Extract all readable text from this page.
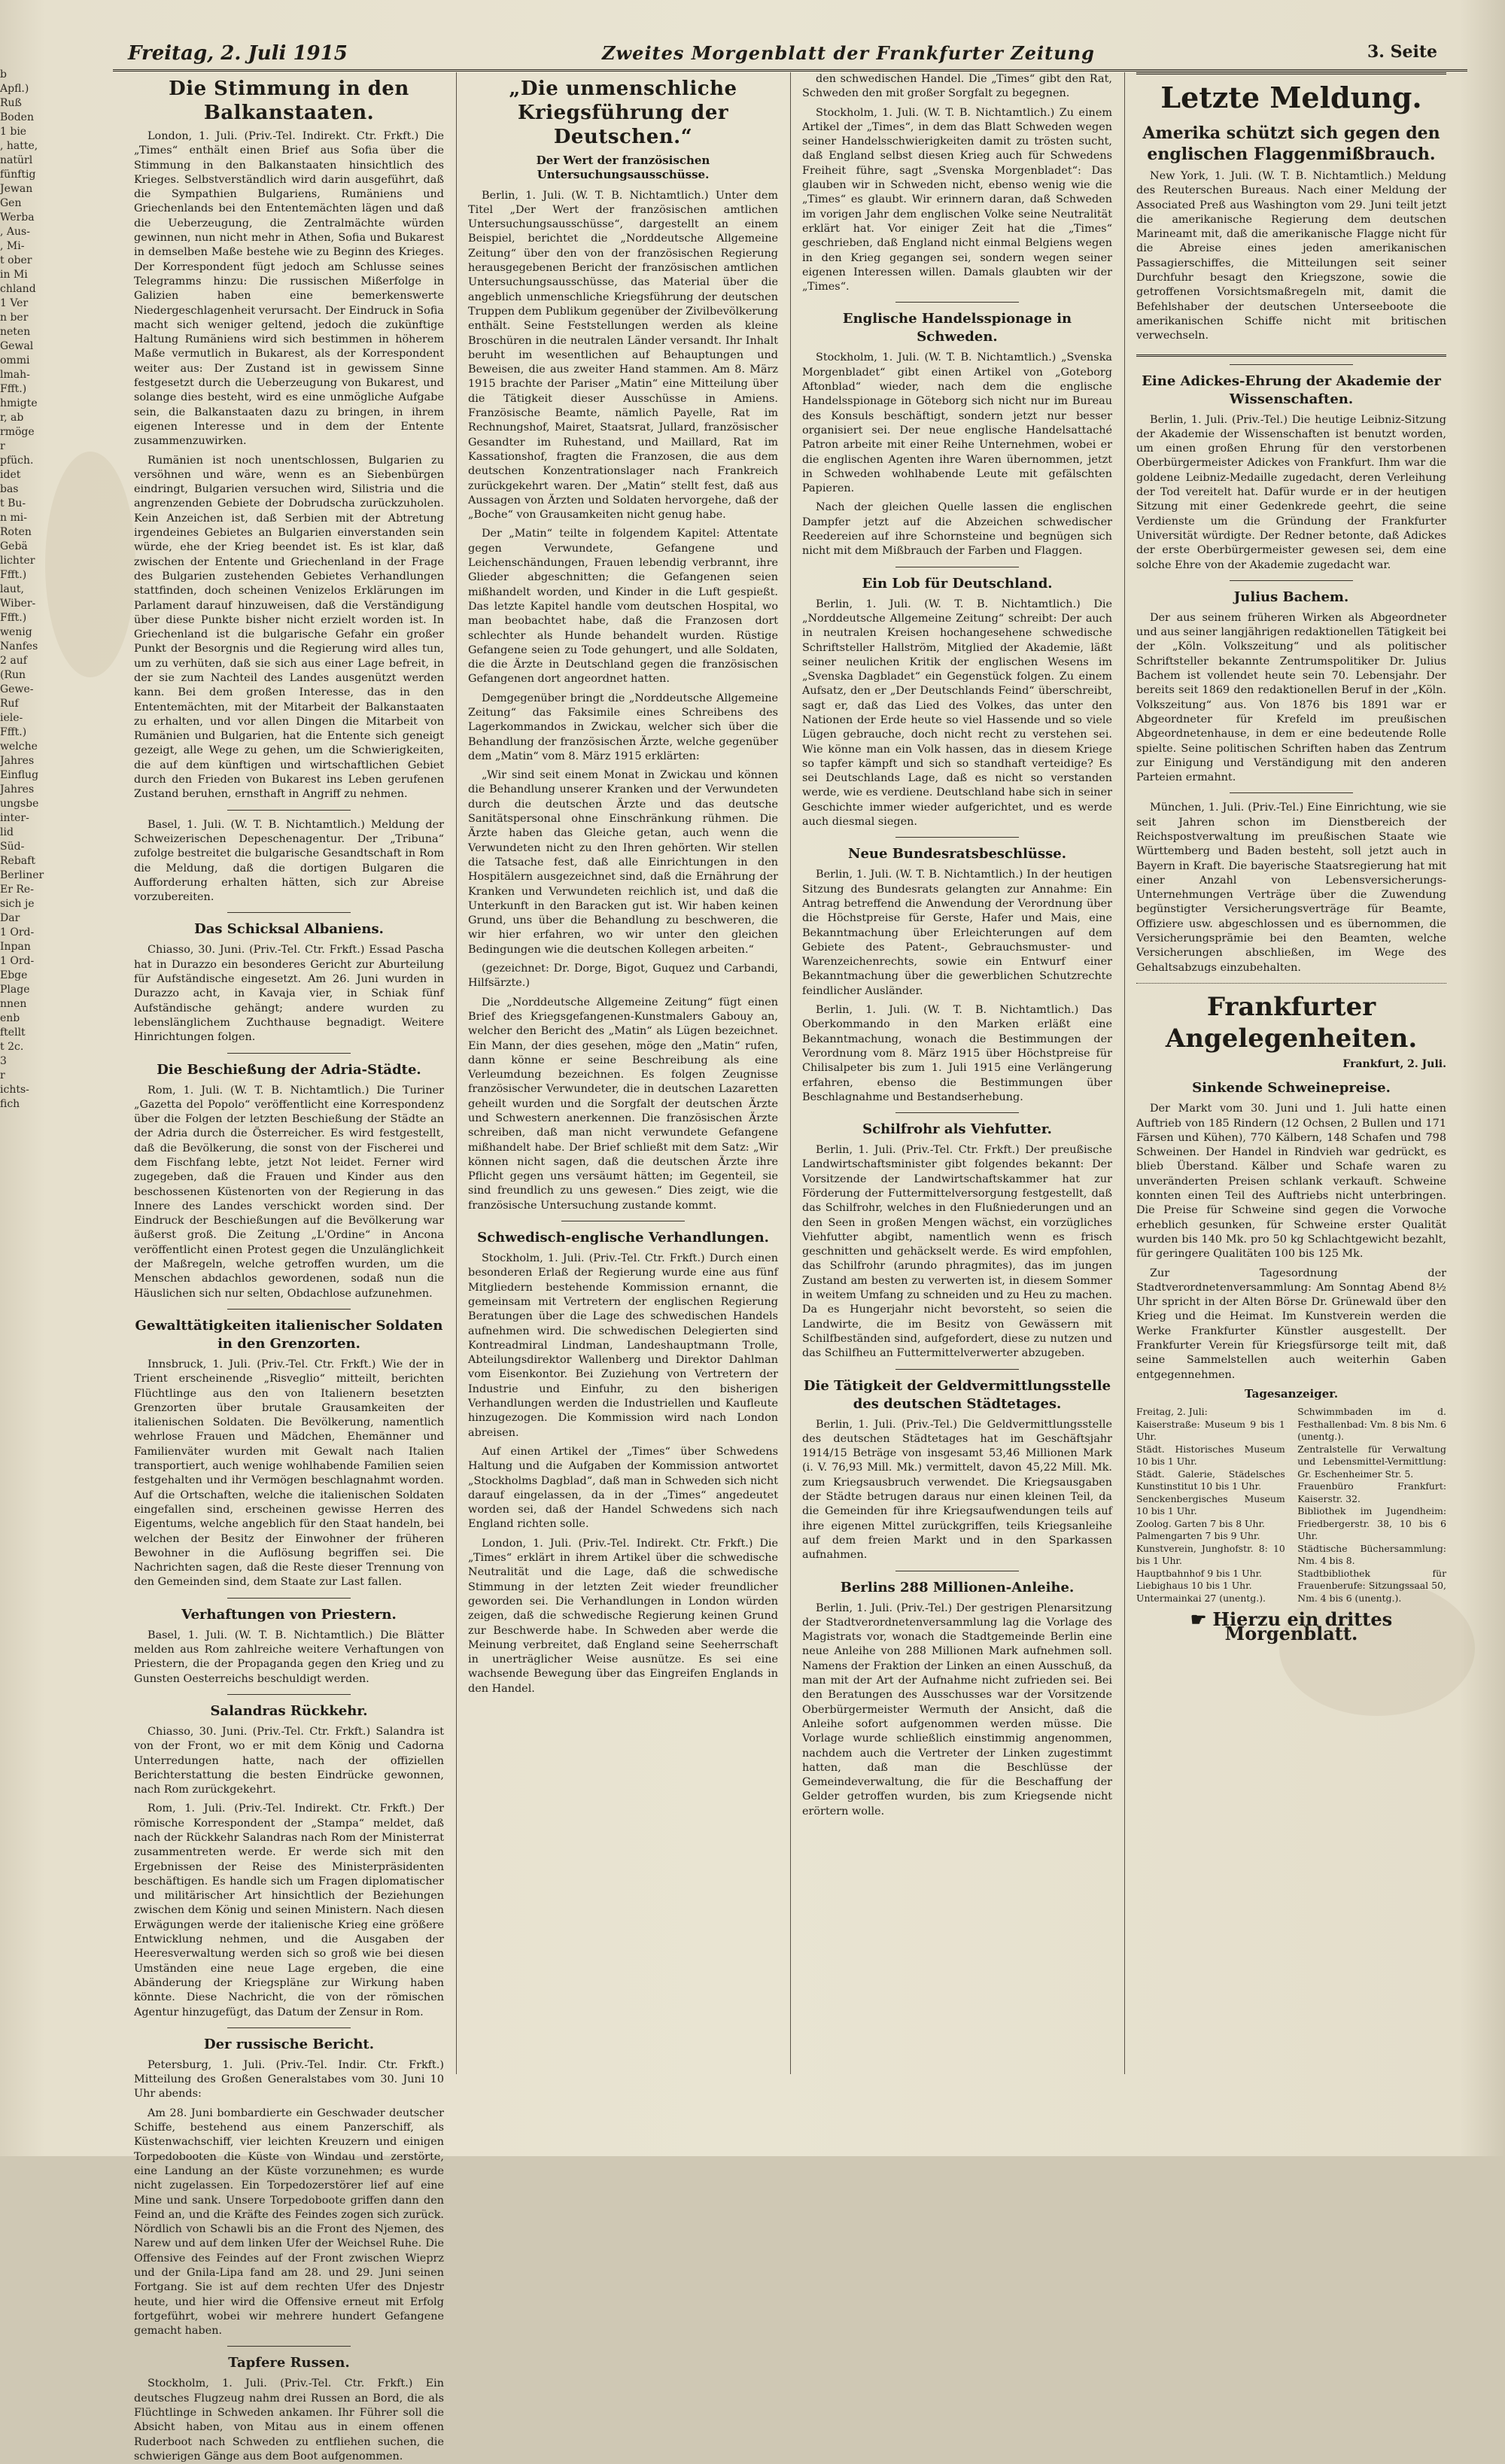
b
Apfl.)
Ruß
Boden
1 bie
, hatte,
natürl
fünftig
Jewan
Gen
Werba
, Aus-
, Mi-
t ober
in Mi
chland
1 Ver
n ber
neten
Gewal
ommi
lmah-
Ffft.)
hmigte
r, ab
rmöge
r
pfüch.
idet
bas
t Bu-
n mi-
Roten
Gebä
lichter
Ffft.)
laut,
Wiber-
Ffft.)
wenig
Nanfes
2 auf
(Run
Gewe-
Ruf
iele-
Ffft.)
welche
Jahres
Einflug
Jahres
ungsbe
inter-
lid
Süd-
Rebaft
Berliner
Er Re-
sich je
Dar
1 Ord-
Inpan
1 Ord-
Ebge
Plage
nnen
enb
ftellt
t 2c.
3
r
ichts-
fich
Freitag, 2. Juli 1915	Zweites Morgenblatt der Frankfurter Zeitung	3. Seite
Die Stimmung in den Balkanstaaten.

London, 1. Juli. (Priv.-Tel. Indirekt. Ctr. Frkft.) Die „Times“ enthält einen Brief aus Sofia über die Stimmung in den Balkanstaaten hinsichtlich des Krieges. Selbstverständlich wird darin ausgeführt, daß die Sympathien Bulgariens, Rumäniens und Griechenlands bei den Ententemächten lägen und daß die Ueberzeugung, die Zentralmächte würden gewinnen, nun nicht mehr in Athen, Sofia und Bukarest in demselben Maße bestehe wie zu Beginn des Krieges. Der Korrespondent fügt jedoch am Schlusse seines Telegramms hinzu: Die russischen Mißerfolge in Galizien haben eine bemerkenswerte Niedergeschlagenheit verursacht. Der Eindruck in Sofia macht sich weniger geltend, jedoch die zukünftige Haltung Rumäniens wird sich bestimmen in höherem Maße vermutlich in Bukarest, als der Korrespondent weiter aus: Der Zustand ist in gewissem Sinne festgesetzt durch die Ueberzeugung von Bukarest, und solange dies besteht, wird es eine unmögliche Aufgabe sein, die Balkanstaaten dazu zu bringen, in ihrem eigenen Interesse und in dem der Entente zusammenzuwirken.

Rumänien ist noch unentschlossen, Bulgarien zu versöhnen und wäre, wenn es an Siebenbürgen eindringt, Bulgarien versuchen wird, Silistria und die angrenzenden Gebiete der Dobrudscha zurückzuholen. Kein Anzeichen ist, daß Serbien mit der Abtretung irgendeines Gebietes an Bulgarien einverstanden sein würde, ehe der Krieg beendet ist. Es ist klar, daß zwischen der Entente und Griechenland in der Frage des Bulgarien zustehenden Gebietes Verhandlungen stattfinden, doch scheinen Venizelos Erklärungen im Parlament darauf hinzuweisen, daß die Verständigung über diese Punkte bisher nicht erzielt worden ist. In Griechenland ist die bulgarische Gefahr ein großer Punkt der Besorgnis und die Regierung wird alles tun, um zu verhüten, daß sie sich aus einer Lage befreit, in der sie zum Nachteil des Landes ausgenützt werden kann. Bei dem großen Interesse, das in den Ententemächten, mit der Mitarbeit der Balkanstaaten zu erhalten, und vor allen Dingen die Mitarbeit von Rumänien und Bulgarien, hat die Entente sich geneigt gezeigt, alle Wege zu gehen, um die Schwierigkeiten, die auf dem künftigen und wirtschaftlichen Gebiet durch den Frieden von Bukarest ins Leben gerufenen Zustand beruhen, ernsthaft in Angriff zu nehmen.

Basel, 1. Juli. (W. T. B. Nichtamtlich.) Meldung der Schweizerischen Depeschenagentur. Der „Tribuna“ zufolge bestreitet die bulgarische Gesandtschaft in Rom die Meldung, daß die dortigen Bulgaren die Aufforderung erhalten hätten, sich zur Abreise vorzubereiten.

Das Schicksal Albaniens.

Chiasso, 30. Juni. (Priv.-Tel. Ctr. Frkft.) Essad Pascha hat in Durazzo ein besonderes Gericht zur Aburteilung für Aufständische eingesetzt. Am 26. Juni wurden in Durazzo acht, in Kavaja vier, in Schiak fünf Aufständische gehängt; andere wurden zu lebenslänglichem Zuchthause begnadigt. Weitere Hinrichtungen folgen.

Die Beschießung der Adria-Städte.

Rom, 1. Juli. (W. T. B. Nichtamtlich.) Die Turiner „Gazetta del Popolo“ veröffentlicht eine Korrespondenz über die Folgen der letzten Beschießung der Städte an der Adria durch die Österreicher. Es wird festgestellt, daß die Bevölkerung, die sonst von der Fischerei und dem Fischfang lebte, jetzt Not leidet. Ferner wird zugegeben, daß die Frauen und Kinder aus den beschossenen Küstenorten von der Regierung in das Innere des Landes verschickt worden sind. Der Eindruck der Beschießungen auf die Bevölkerung war äußerst groß. Die Zeitung „L'Ordine“ in Ancona veröffentlicht einen Protest gegen die Unzulänglichkeit der Maßregeln, welche getroffen wurden, um die Menschen abdachlos gewordenen, sodaß nun die Häuslichen sich nur selten, Obdachlose aufzunehmen.

Gewalttätigkeiten italienischer Soldaten in den Grenzorten.

Innsbruck, 1. Juli. (Priv.-Tel. Ctr. Frkft.) Wie der in Trient erscheinende „Risveglio“ mitteilt, berichten Flüchtlinge aus den von Italienern besetzten Grenzorten über brutale Grausamkeiten der italienischen Soldaten. Die Bevölkerung, namentlich wehrlose Frauen und Mädchen, Ehemänner und Familienväter wurden mit Gewalt nach Italien transportiert, auch wenige wohlhabende Familien seien festgehalten und ihr Vermögen beschlagnahmt worden. Auf die Ortschaften, welche die italienischen Soldaten eingefallen sind, erscheinen gewisse Herren des Eigentums, welche angeblich für den Staat handeln, bei welchen der Besitz der Einwohner der früheren Bewohner in die Auflösung begriffen sei. Die Nachrichten sagen, daß die Reste dieser Trennung von den Gemeinden sind, dem Staate zur Last fallen.

Verhaftungen von Priestern.

Basel, 1. Juli. (W. T. B. Nichtamtlich.) Die Blätter melden aus Rom zahlreiche weitere Verhaftungen von Priestern, die der Propaganda gegen den Krieg und zu Gunsten Oesterreichs beschuldigt werden.

Salandras Rückkehr.

Chiasso, 30. Juni. (Priv.-Tel. Ctr. Frkft.) Salandra ist von der Front, wo er mit dem König und Cadorna Unterredungen hatte, nach der offiziellen Berichterstattung die besten Eindrücke gewonnen, nach Rom zurückgekehrt.

Rom, 1. Juli. (Priv.-Tel. Indirekt. Ctr. Frkft.) Der römische Korrespondent der „Stampa“ meldet, daß nach der Rückkehr Salandras nach Rom der Ministerrat zusammentreten werde. Er werde sich mit den Ergebnissen der Reise des Ministerpräsidenten beschäftigen. Es handle sich um Fragen diplomatischer und militärischer Art hinsichtlich der Beziehungen zwischen dem König und seinen Ministern. Nach diesen Erwägungen werde der italienische Krieg eine größere Entwicklung nehmen, und die Ausgaben der Heeresverwaltung werden sich so groß wie bei diesen Umständen eine neue Lage ergeben, die eine Abänderung der Kriegspläne zur Wirkung haben könnte. Diese Nachricht, die von der römischen Agentur hinzugefügt, das Datum der Zensur in Rom.

Der russische Bericht.

Petersburg, 1. Juli. (Priv.-Tel. Indir. Ctr. Frkft.) Mitteilung des Großen Generalstabes vom 30. Juni 10 Uhr abends:

Am 28. Juni bombardierte ein Geschwader deutscher Schiffe, bestehend aus einem Panzerschiff, als Küstenwachschiff, vier leichten Kreuzern und einigen Torpedobooten die Küste von Windau und zerstörte, eine Landung an der Küste vorzunehmen; es wurde nicht zugelassen. Ein Torpedozerstörer lief auf eine Mine und sank. Unsere Torpedoboote griffen dann den Feind an, und die Kräfte des Feindes zogen sich zurück. Nördlich von Schawli bis an die Front des Njemen, des Narew und auf dem linken Ufer der Weichsel Ruhe. Die Offensive des Feindes auf der Front zwischen Wieprz und der Gnila-Lipa fand am 28. und 29. Juni seinen Fortgang. Sie ist auf dem rechten Ufer des Dnjestr heute, und hier wird die Offensive erneut mit Erfolg fortgeführt, wobei wir mehrere hundert Gefangene gemacht haben.

Tapfere Russen.

Stockholm, 1. Juli. (Priv.-Tel. Ctr. Frkft.) Ein deutsches Flugzeug nahm drei Russen an Bord, die als Flüchtlinge in Schweden ankamen. Ihr Führer soll die Absicht haben, von Mitau aus in einem offenen Ruderboot nach Schweden zu entfliehen suchen, die schwierigen Gänge aus dem Boot aufgenommen.

„Die unmenschliche Kriegsführung der Deutschen.“
Der Wert der französischen Untersuchungsausschüsse.

Berlin, 1. Juli. (W. T. B. Nichtamtlich.) Unter dem Titel „Der Wert der französischen amtlichen Untersuchungsausschüsse“, dargestellt an einem Beispiel, berichtet die „Norddeutsche Allgemeine Zeitung“ über den von der französischen Regierung herausgegebenen Bericht der französischen amtlichen Untersuchungsausschüsse, das Material über die angeblich unmenschliche Kriegsführung der deutschen Truppen dem Publikum gegenüber der Zivilbevölkerung enthält. Seine Feststellungen werden als kleine Broschüren in die neutralen Länder versandt. Ihr Inhalt beruht im wesentlichen auf Behauptungen und Beweisen, die aus zweiter Hand stammen. Am 8. März 1915 brachte der Pariser „Matin“ eine Mitteilung über die Tätigkeit dieser Ausschüsse in Amiens. Französische Beamte, nämlich Payelle, Rat im Rechnungshof, Mairet, Staatsrat, Jullard, französischer Gesandter im Ruhestand, und Maillard, Rat im Kassationshof, fragten die Franzosen, die aus dem deutschen Konzentrationslager nach Frankreich zurückgekehrt waren. Der „Matin“ stellt fest, daß aus Aussagen von Ärzten und Soldaten hervorgehe, daß der „Boche“ von Grausamkeiten nicht genug habe.

Der „Matin“ teilte in folgendem Kapitel: Attentate gegen Verwundete, Gefangene und Leichenschändungen, Frauen lebendig verbrannt, ihre Glieder abgeschnitten; die Gefangenen seien mißhandelt worden, und Kinder in die Luft gespießt. Das letzte Kapitel handle vom deutschen Hospital, wo man beobachtet habe, daß die Franzosen dort schlechter als Hunde behandelt wurden. Rüstige Gefangene seien zu Tode gehungert, und alle Soldaten, die die Ärzte in Deutschland gegen die französischen Gefangenen dort angeordnet hatten.

Demgegenüber bringt die „Norddeutsche Allgemeine Zeitung“ das Faksimile eines Schreibens des Lagerkommandos in Zwickau, welcher sich über die Behandlung der französischen Ärzte, welche gegenüber dem „Matin“ vom 8. März 1915 erklärten:

„Wir sind seit einem Monat in Zwickau und können die Behandlung unserer Kranken und der Verwundeten durch die deutschen Ärzte und das deutsche Sanitätspersonal ohne Einschränkung rühmen. Die Ärzte haben das Gleiche getan, auch wenn die Verwundeten nicht zu den Ihren gehörten. Wir stellen die Tatsache fest, daß alle Einrichtungen in den Hospitälern ausgezeichnet sind, daß die Ernährung der Kranken und Verwundeten reichlich ist, und daß die Unterkunft in den Baracken gut ist. Wir haben keinen Grund, uns über die Behandlung zu beschweren, die wir hier erfahren, wo wir unter den gleichen Bedingungen wie die deutschen Kollegen arbeiten.“

(gezeichnet: Dr. Dorge, Bigot, Guquez und Carbandi, Hilfsärzte.)

Die „Norddeutsche Allgemeine Zeitung“ fügt einen Brief des Kriegsgefangenen-Kunstmalers Gabouy an, welcher den Bericht des „Matin“ als Lügen bezeichnet. Ein Mann, der dies gesehen, möge den „Matin“ rufen, dann könne er seine Beschreibung als eine Verleumdung bezeichnen. Es folgen Zeugnisse französischer Verwundeter, die in deutschen Lazaretten geheilt wurden und die Sorgfalt der deutschen Ärzte und Schwestern anerkennen. Die französischen Ärzte schreiben, daß man nicht verwundete Gefangene mißhandelt habe. Der Brief schließt mit dem Satz: „Wir können nicht sagen, daß die deutschen Ärzte ihre Pflicht gegen uns versäumt hätten; im Gegenteil, sie sind freundlich zu uns gewesen.“ Dies zeigt, wie die französische Untersuchung zustande kommt.

Schwedisch-englische Verhandlungen.

Stockholm, 1. Juli. (Priv.-Tel. Ctr. Frkft.) Durch einen besonderen Erlaß der Regierung wurde eine aus fünf Mitgliedern bestehende Kommission ernannt, die gemeinsam mit Vertretern der englischen Regierung Beratungen über die Lage des schwedischen Handels aufnehmen wird. Die schwedischen Delegierten sind Kontreadmiral Lindman, Landeshauptmann Trolle, Abteilungsdirektor Wallenberg und Direktor Dahlman vom Eisenkontor. Bei Zuziehung von Vertretern der Industrie und Einfuhr, zu den bisherigen Verhandlungen werden die Industriellen und Kaufleute hinzugezogen. Die Kommission wird nach London abreisen.

Auf einen Artikel der „Times“ über Schwedens Haltung und die Aufgaben der Kommission antwortet „Stockholms Dagblad“, daß man in Schweden sich nicht darauf eingelassen, da in der „Times“ angedeutet worden sei, daß der Handel Schwedens sich nach England richten solle.

London, 1. Juli. (Priv.-Tel. Indirekt. Ctr. Frkft.) Die „Times“ erklärt in ihrem Artikel über die schwedische Neutralität und die Lage, daß die schwedische Stimmung in der letzten Zeit wieder freundlicher geworden sei. Die Verhandlungen in London würden zeigen, daß die schwedische Regierung keinen Grund zur Beschwerde habe. In Schweden aber werde die Meinung verbreitet, daß England seine Seeherrschaft in unerträglicher Weise ausnütze. Es sei eine wachsende Bewegung über das Eingreifen Englands in den Handel.

den schwedischen Handel. Die „Times“ gibt den Rat, Schweden den mit großer Sorgfalt zu begegnen.

Stockholm, 1. Juli. (W. T. B. Nichtamtlich.) Zu einem Artikel der „Times“, in dem das Blatt Schweden wegen seiner Handelsschwierigkeiten damit zu trösten sucht, daß England selbst diesen Krieg auch für Schwedens Freiheit führe, sagt „Svenska Morgenbladet“: Das glauben wir in Schweden nicht, ebenso wenig wie die „Times“ es glaubt. Wir erinnern daran, daß Schweden im vorigen Jahr dem englischen Volke seine Neutralität erklärt hat. Vor einiger Zeit hat die „Times“ geschrieben, daß England nicht einmal Belgiens wegen in den Krieg gegangen sei, sondern wegen seiner eigenen Interessen willen. Damals glaubten wir der „Times“.

Englische Handelsspionage in Schweden.

Stockholm, 1. Juli. (W. T. B. Nichtamtlich.) „Svenska Morgenbladet“ gibt einen Artikel von „Goteborg Aftonblad“ wieder, nach dem die englische Handelsspionage in Göteborg sich nicht nur im Bureau des Konsuls beschäftigt, sondern jetzt nur besser organisiert sei. Der neue englische Handelsattaché Patron arbeite mit einer Reihe Unternehmen, wobei er die englischen Agenten ihre Waren übernommen, jetzt in Schweden wohlhabende Leute mit gefälschten Papieren.

Nach der gleichen Quelle lassen die englischen Dampfer jetzt auf die Abzeichen schwedischer Reedereien auf ihre Schornsteine und begnügen sich nicht mit dem Mißbrauch der Farben und Flaggen.

Ein Lob für Deutschland.

Berlin, 1. Juli. (W. T. B. Nichtamtlich.) Die „Norddeutsche Allgemeine Zeitung“ schreibt: Der auch in neutralen Kreisen hochangesehene schwedische Schriftsteller Hallström, Mitglied der Akademie, läßt seiner neulichen Kritik der englischen Wesens im „Svenska Dagbladet“ ein Gegenstück folgen. Zu einem Aufsatz, den er „Der Deutschlands Feind“ überschreibt, sagt er, daß das Lied des Volkes, das unter den Nationen der Erde heute so viel Hassende und so viele Lügen gebrauche, doch nicht recht zu verstehen sei. Wie könne man ein Volk hassen, das in diesem Kriege so tapfer kämpft und sich so standhaft verteidige? Es sei Deutschlands Lage, daß es nicht so verstanden werde, wie es verdiene. Deutschland habe sich in seiner Geschichte immer wieder aufgerichtet, und es werde auch diesmal siegen.

Neue Bundesratsbeschlüsse.

Berlin, 1. Juli. (W. T. B. Nichtamtlich.) In der heutigen Sitzung des Bundesrats gelangten zur Annahme: Ein Antrag betreffend die Anwendung der Verordnung über die Höchstpreise für Gerste, Hafer und Mais, eine Bekanntmachung über Erleichterungen auf dem Gebiete des Patent-, Gebrauchsmuster- und Warenzeichenrechts, sowie ein Entwurf einer Bekanntmachung über die gewerblichen Schutzrechte feindlicher Ausländer.

Berlin, 1. Juli. (W. T. B. Nichtamtlich.) Das Oberkommando in den Marken erläßt eine Bekanntmachung, wonach die Bestimmungen der Verordnung vom 8. März 1915 über Höchstpreise für Chilisalpeter bis zum 1. Juli 1915 eine Verlängerung erfahren, ebenso die Bestimmungen über Beschlagnahme und Bestandserhebung.

Schilfrohr als Viehfutter.

Berlin, 1. Juli. (Priv.-Tel. Ctr. Frkft.) Der preußische Landwirtschaftsminister gibt folgendes bekannt: Der Vorsitzende der Landwirtschaftskammer hat zur Förderung der Futtermittelversorgung festgestellt, daß das Schilfrohr, welches in den Flußniederungen und an den Seen in großen Mengen wächst, ein vorzügliches Viehfutter abgibt, namentlich wenn es frisch geschnitten und gehäckselt werde. Es wird empfohlen, das Schilfrohr (arundo phragmites), das im jungen Zustand am besten zu verwerten ist, in diesem Sommer in weitem Umfang zu schneiden und zu Heu zu machen. Da es Hungerjahr nicht bevorsteht, so seien die Landwirte, die im Besitz von Gewässern mit Schilfbeständen sind, aufgefordert, diese zu nutzen und das Schilfheu an Futtermittelverwerter abzugeben.

Die Tätigkeit der Geldvermittlungsstelle des deutschen Städtetages.

Berlin, 1. Juli. (Priv.-Tel.) Die Geldvermittlungsstelle des deutschen Städtetages hat im Geschäftsjahr 1914/15 Beträge von insgesamt 53,46 Millionen Mark (i. V. 76,93 Mill. Mk.) vermittelt, davon 45,22 Mill. Mk. zum Kriegsausbruch verwendet. Die Kriegsausgaben der Städte betrugen daraus nur einen kleinen Teil, da die Gemeinden für ihre Kriegsaufwendungen teils auf ihre eigenen Mittel zurückgriffen, teils Kriegsanleihe auf dem freien Markt und in den Sparkassen aufnahmen.

Berlins 288 Millionen-Anleihe.

Berlin, 1. Juli. (Priv.-Tel.) Der gestrigen Plenarsitzung der Stadtverordnetenversammlung lag die Vorlage des Magistrats vor, wonach die Stadtgemeinde Berlin eine neue Anleihe von 288 Millionen Mark aufnehmen soll. Namens der Fraktion der Linken an einen Ausschuß, da man mit der Art der Aufnahme nicht zufrieden sei. Bei den Beratungen des Ausschusses war der Vorsitzende Oberbürgermeister Wermuth der Ansicht, daß die Anleihe sofort aufgenommen werden müsse. Die Vorlage wurde schließlich einstimmig angenommen, nachdem auch die Vertreter der Linken zugestimmt hatten, daß man die Beschlüsse der Gemeindeverwaltung, die für die Beschaffung der Gelder getroffen wurden, bis zum Kriegsende nicht erörtern wolle.

Letzte Meldung.
Amerika schützt sich gegen den englischen Flaggenmißbrauch.
New York, 1. Juli. (W. T. B. Nichtamtlich.) Meldung des Reuterschen Bureaus. Nach einer Meldung der Associated Preß aus Washington vom 29. Juni teilt jetzt die amerikanische Regierung dem deutschen Marineamt mit, daß die amerikanische Flagge nicht für die Abreise eines jeden amerikanischen Passagierschiffes, die Mitteilungen seit seiner Durchfuhr besagt den Kriegszone, sowie die getroffenen Vorsichtsmaßregeln mit, damit die Befehlshaber der deutschen Unterseeboote die amerikanischen Schiffe nicht mit britischen verwechseln.
Eine Adickes-Ehrung der Akademie der Wissenschaften.

Berlin, 1. Juli. (Priv.-Tel.) Die heutige Leibniz-Sitzung der Akademie der Wissenschaften ist benutzt worden, um einen großen Ehrung für den verstorbenen Oberbürgermeister Adickes von Frankfurt. Ihm war die goldene Leibniz-Medaille zugedacht, deren Verleihung der Tod vereitelt hat. Dafür wurde er in der heutigen Sitzung mit einer Gedenkrede geehrt, die seine Verdienste um die Gründung der Frankfurter Universität würdigte. Der Redner betonte, daß Adickes der erste Oberbürgermeister gewesen sei, dem eine solche Ehre von der Akademie zugedacht war.

Julius Bachem.

Der aus seinem früheren Wirken als Abgeordneter und aus seiner langjährigen redaktionellen Tätigkeit bei der „Köln. Volkszeitung“ und als politischer Schriftsteller bekannte Zentrumspolitiker Dr. Julius Bachem ist vollendet heute sein 70. Lebensjahr. Der bereits seit 1869 den redaktionellen Beruf in der „Köln. Volkszeitung“ aus. Von 1876 bis 1891 war er Abgeordneter für Krefeld im preußischen Abgeordnetenhause, in dem er eine bedeutende Rolle spielte. Seine politischen Schriften haben das Zentrum zur Einigung und Verständigung mit den anderen Parteien ermahnt.

München, 1. Juli. (Priv.-Tel.) Eine Einrichtung, wie sie seit Jahren schon im Dienstbereich der Reichspostverwaltung im preußischen Staate wie Württemberg und Baden besteht, soll jetzt auch in Bayern in Kraft. Die bayerische Staatsregierung hat mit einer Anzahl von Lebensversicherungs-Unternehmungen Verträge über die Zuwendung begünstigter Versicherungsverträge für Beamte, Offiziere usw. abgeschlossen und es übernommen, die Versicherungsprämie bei den Beamten, welche Versicherungen abschließen, im Wege des Gehaltsabzugs einzubehalten.

Frankfurter Angelegenheiten.
Frankfurt, 2. Juli.
Sinkende Schweinepreise.

Der Markt vom 30. Juni und 1. Juli hatte einen Auftrieb von 185 Rindern (12 Ochsen, 2 Bullen und 171 Färsen und Kühen), 770 Kälbern, 148 Schafen und 798 Schweinen. Der Handel in Rindvieh war gedrückt, es blieb Überstand. Kälber und Schafe waren zu unveränderten Preisen schlank verkauft. Schweine konnten einen Teil des Auftriebs nicht unterbringen. Die Preise für Schweine sind gegen die Vorwoche erheblich gesunken, für Schweine erster Qualität wurden bis 140 Mk. pro 50 kg Schlachtgewicht bezahlt, für geringere Qualitäten 100 bis 125 Mk.

Zur Tagesordnung der Stadtverordnetenversammlung: Am Sonntag Abend 8½ Uhr spricht in der Alten Börse Dr. Grünewald über den Krieg und die Heimat. Im Kunstverein werden die Werke Frankfurter Künstler ausgestellt. Der Frankfurter Verein für Kriegsfürsorge teilt mit, daß seine Sammelstellen auch weiterhin Gaben entgegennehmen.

Tagesanzeiger.
Freitag, 2. Juli:
Kaiserstraße: Museum 9 bis 1 Uhr.
Städt. Historisches Museum 10 bis 1 Uhr.
Städt. Galerie, Städelsches Kunstinstitut 10 bis 1 Uhr.
Senckenbergisches Museum 10 bis 1 Uhr.
Zoolog. Garten 7 bis 8 Uhr.
Palmengarten 7 bis 9 Uhr.
Kunstverein, Junghofstr. 8: 10 bis 1 Uhr.
Hauptbahnhof 9 bis 1 Uhr.
Liebighaus 10 bis 1 Uhr.
Untermainkai 27 (unentg.).
Schwimmbaden im d. Festhallenbad: Vm. 8 bis Nm. 6 (unentg.).
Zentralstelle für Verwaltung und Lebensmittel-Vermittlung: Gr. Eschenheimer Str. 5.
Frauenbüro Frankfurt: Kaiserstr. 32.
Bibliothek im Jugendheim: Friedbergerstr. 38, 10 bis 6 Uhr.
Städtische Büchersammlung: Nm. 4 bis 8.
Stadtbibliothek für Frauenberufe: Sitzungssaal 50, Nm. 4 bis 6 (unentg.).
☛ Hierzu ein drittes Morgenblatt.
